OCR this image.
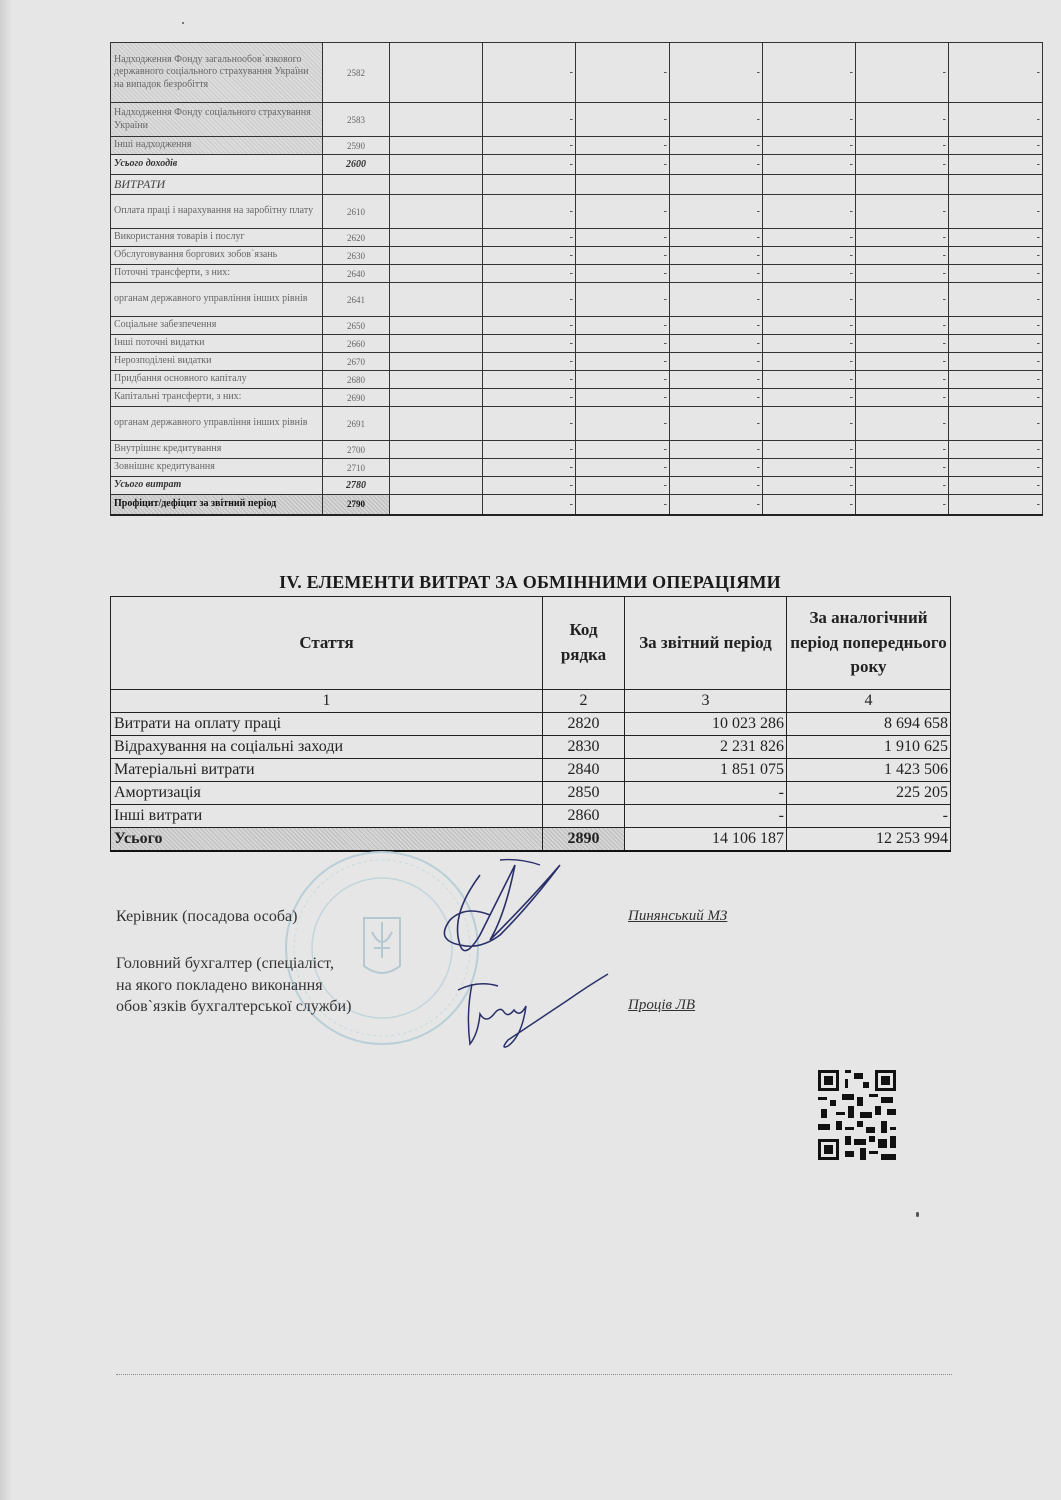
Надходження Фонду загальнообов`язкового державного соціального страхування України на випадок безробіття	2582		-	-	-	-	-	-
Надходження Фонду соціального страхування України	2583		-	-	-	-	-	-
Інші надходження	2590		-	-	-	-	-	-
Усього доходів	2600		-	-	-	-	-	-
ВИТРАТИ								
Оплата праці і нарахування на заробітну плату	2610		-	-	-	-	-	-
Використання товарів і послуг	2620		-	-	-	-	-	-
Обслуговування боргових зобов`язань	2630		-	-	-	-	-	-
Поточні трансферти, з них:	2640		-	-	-	-	-	-
органам державного управління інших рівнів	2641		-	-	-	-	-	-
Соціальне забезпечення	2650		-	-	-	-	-	-
Інші поточні видатки	2660		-	-	-	-	-	-
Нерозподілені видатки	2670		-	-	-	-	-	-
Придбання основного капіталу	2680		-	-	-	-	-	-
Капітальні трансферти, з них:	2690		-	-	-	-	-	-
органам державного управління інших рівнів	2691		-	-	-	-	-	-
Внутрішнє кредитування	2700		-	-	-	-	-	-
Зовнішнє кредитування	2710		-	-	-	-	-	-
Усього витрат	2780		-	-	-	-	-	-
Профіцит/дефіцит за звітний період	2790		-	-	-	-	-	-
IV. ЕЛЕМЕНТИ ВИТРАТ ЗА ОБМІННИМИ ОПЕРАЦІЯМИ
Стаття	Код рядка	За звітний період	За аналогічний період попереднього року
1	2	3	4
Витрати на оплату праці	2820	10 023 286	8 694 658
Відрахування на соціальні заходи	2830	2 231 826	1 910 625
Матеріальні витрати	2840	1 851 075	1 423 506
Амортизація	2850	-	225 205
Інші витрати	2860	-	-
Усього	2890	14 106 187	12 253 994
Керівник (посадова особа)	Пинянський МЗ
Головний бухгалтер (спеціаліст,
на якого покладено виконання
обов`язків бухгалтерської служби)	Проців ЛВ
